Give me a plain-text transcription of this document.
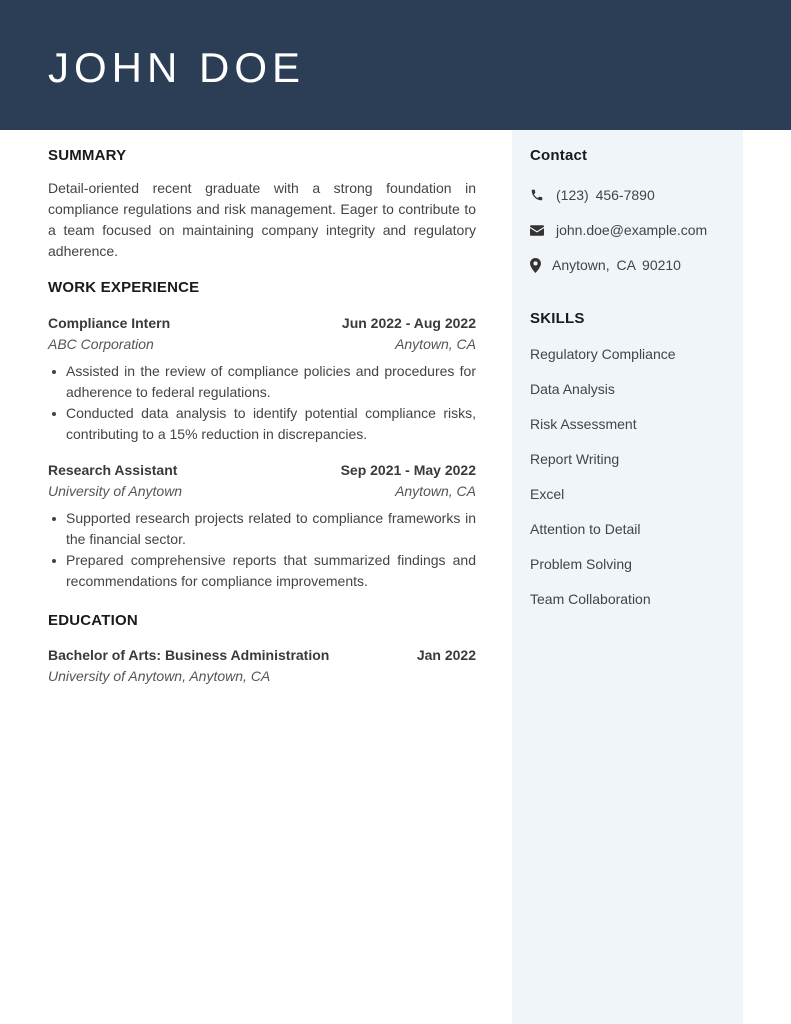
JOHN DOE
Contact
(123) 456-7890
john.doe@example.com
Anytown, CA 90210
SKILLS
Regulatory Compliance
Data Analysis
Risk Assessment
Report Writing
Excel
Attention to Detail
Problem Solving
Team Collaboration
SUMMARY

Detail-oriented recent graduate with a strong foundation in compliance regulations and risk management. Eager to contribute to a team focused on maintaining company integrity and regulatory adherence.

WORK EXPERIENCE
Compliance Intern	Jun 2022 - Aug 2022
ABC Corporation	Anytown, CA
Assisted in the review of compliance policies and procedures for adherence to federal regulations.
Conducted data analysis to identify potential compliance risks, contributing to a 15% reduction in discrepancies.
Research Assistant	Sep 2021 - May 2022
University of Anytown	Anytown, CA
Supported research projects related to compliance frameworks in the financial sector.
Prepared comprehensive reports that summarized findings and recommendations for compliance improvements.
EDUCATION
Bachelor of Arts: Business Administration	Jan 2022
University of Anytown, Anytown, CA
